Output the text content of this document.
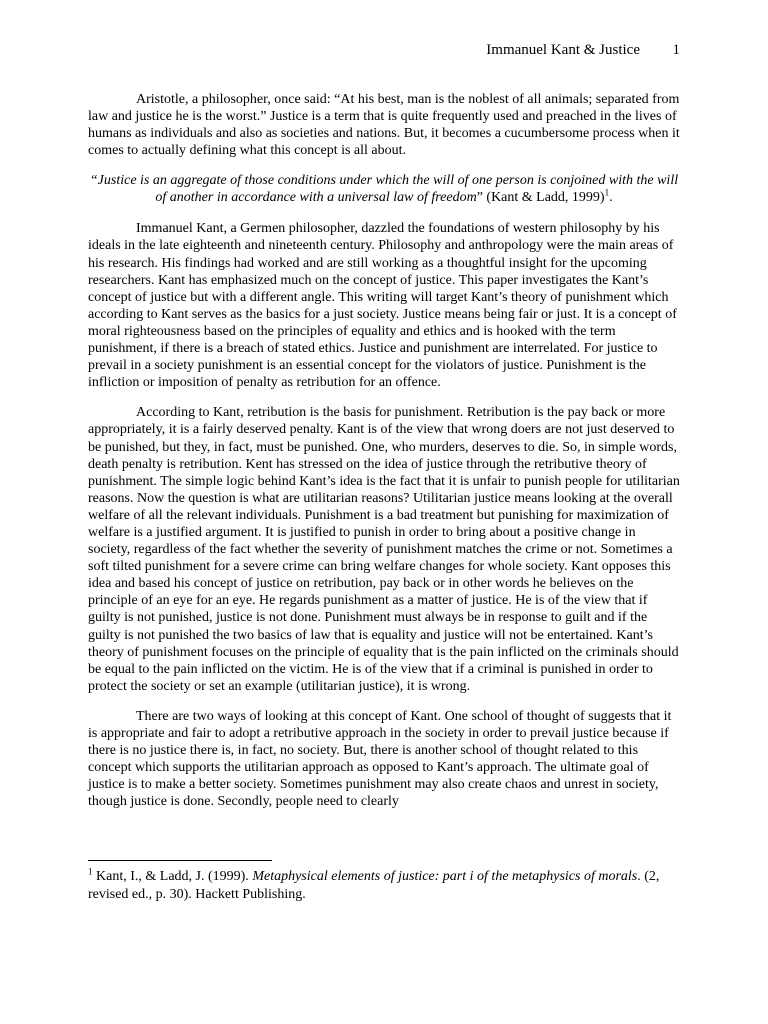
Immanuel Kant & Justice 1

Aristotle, a philosopher, once said: “At his best, man is the noblest of all animals; separated from law and justice he is the worst.” Justice is a term that is quite frequently used and preached in the lives of humans as individuals and also as societies and nations. But, it becomes a cucumbersome process when it comes to actually defining what this concept is all about.

“Justice is an aggregate of those conditions under which the will of one person is conjoined with the will of another in accordance with a universal law of freedom” (Kant & Ladd, 1999)$^1$.

Immanuel Kant, a Germen philosopher, dazzled the foundations of western philosophy by his ideals in the late eighteenth and nineteenth century. Philosophy and anthropology were the main areas of his research. His findings had worked and are still working as a thoughtful insight for the upcoming researchers. Kant has emphasized much on the concept of justice. This paper investigates the Kant’s concept of justice but with a different angle. This writing will target Kant’s theory of punishment which according to Kant serves as the basics for a just society. Justice means being fair or just. It is a concept of moral righteousness based on the principles of equality and ethics and is hooked with the term punishment, if there is a breach of stated ethics. Justice and punishment are interrelated. For justice to prevail in a society punishment is an essential concept for the violators of justice. Punishment is the infliction or imposition of penalty as retribution for an offence.

According to Kant, retribution is the basis for punishment. Retribution is the pay back or more appropriately, it is a fairly deserved penalty. Kant is of the view that wrong doers are not just deserved to be punished, but they, in fact, must be punished. One, who murders, deserves to die. So, in simple words, death penalty is retribution. Kent has stressed on the idea of justice through the retributive theory of punishment. The simple logic behind Kant’s idea is the fact that it is unfair to punish people for utilitarian reasons. Now the question is what are utilitarian reasons? Utilitarian justice means looking at the overall welfare of all the relevant individuals. Punishment is a bad treatment but punishing for maximization of welfare is a justified argument. It is justified to punish in order to bring about a positive change in society, regardless of the fact whether the severity of punishment matches the crime or not. Sometimes a soft tilted punishment for a severe crime can bring welfare changes for whole society. Kant opposes this idea and based his concept of justice on retribution, pay back or in other words he believes on the principle of an eye for an eye. He regards punishment as a matter of justice. He is of the view that if guilty is not punished, justice is not done. Punishment must always be in response to guilt and if the guilty is not punished the two basics of law that is equality and justice will not be entertained. Kant’s theory of punishment focuses on the principle of equality that is the pain inflicted on the criminals should be equal to the pain inflicted on the victim. He is of the view that if a criminal is punished in order to protect the society or set an example (utilitarian justice), it is wrong.

There are two ways of looking at this concept of Kant. One school of thought of suggests that it is appropriate and fair to adopt a retributive approach in the society in order to prevail justice because if there is no justice there is, in fact, no society. But, there is another school of thought related to this concept which supports the utilitarian approach as opposed to Kant’s approach. The ultimate goal of justice is to make a better society. Sometimes punishment may also create chaos and unrest in society, though justice is done. Secondly, people need to clearly

$^1$ Kant, I., & Ladd, J. (1999). Metaphysical elements of justice: part i of the metaphysics of morals. (2, revised ed., p. 30). Hackett Publishing.
